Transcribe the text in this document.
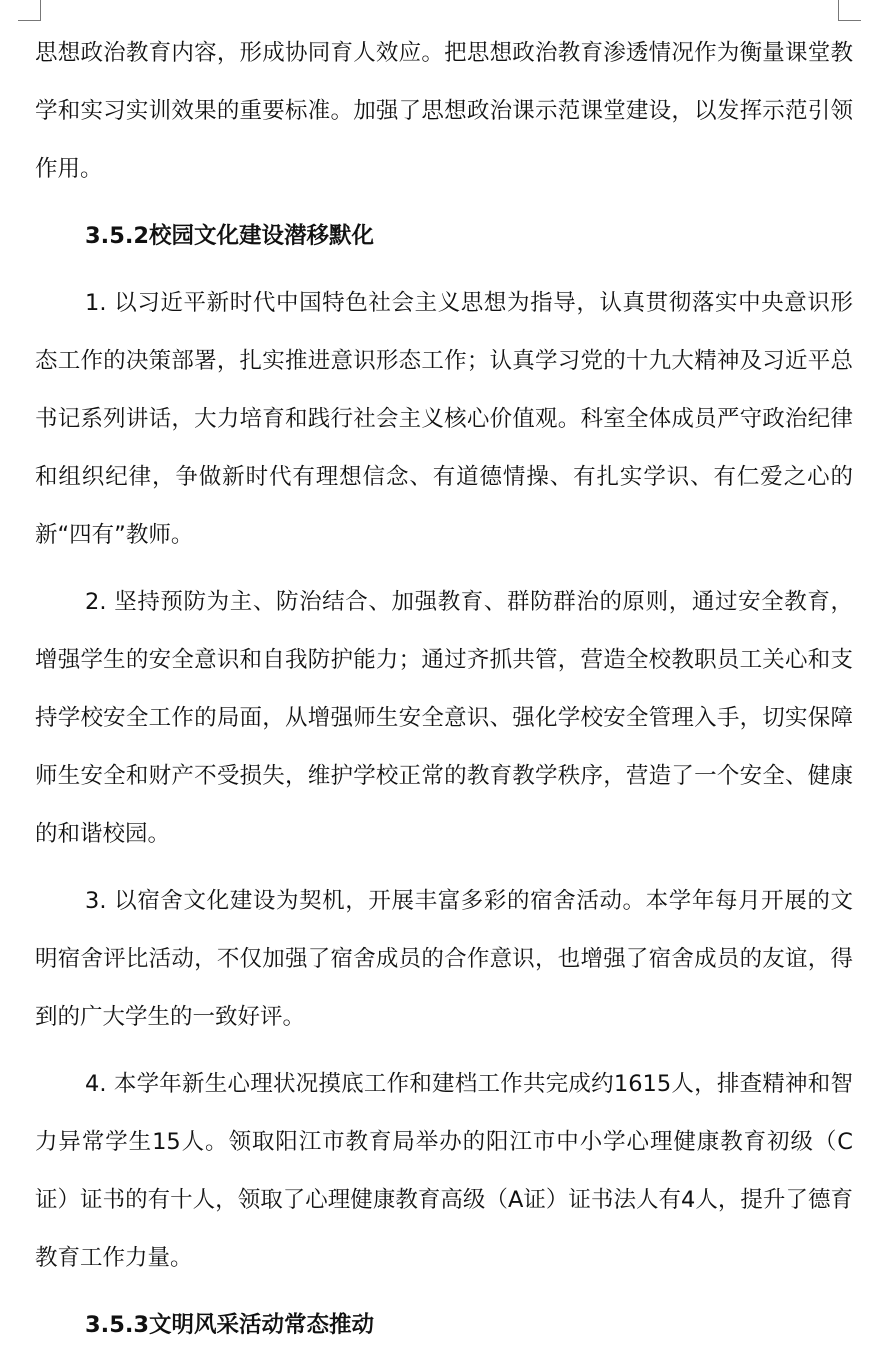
思想政治教育内容，形成协同育人效应。把思想政治教育渗透情况作为衡量课堂教学和实习实训效果的重要标准。加强了思想政治课示范课堂建设，以发挥示范引领作用。

3.5.2校园文化建设潜移默化

1. 以习近平新时代中国特色社会主义思想为指导，认真贯彻落实中央意识形态工作的决策部署，扎实推进意识形态工作；认真学习党的十九大精神及习近平总书记系列讲话，大力培育和践行社会主义核心价值观。科室全体成员严守政治纪律和组织纪律，争做新时代有理想信念、有道德情操、有扎实学识、有仁爱之心的新“四有”教师。

2. 坚持预防为主、防治结合、加强教育、群防群治的原则，通过安全教育，增强学生的安全意识和自我防护能力；通过齐抓共管，营造全校教职员工关心和支持学校安全工作的局面，从增强师生安全意识、强化学校安全管理入手，切实保障师生安全和财产不受损失，维护学校正常的教育教学秩序，营造了一个安全、健康的和谐校园。

3. 以宿舍文化建设为契机，开展丰富多彩的宿舍活动。本学年每月开展的文明宿舍评比活动，不仅加强了宿舍成员的合作意识，也增强了宿舍成员的友谊，得到的广大学生的一致好评。

4. 本学年新生心理状况摸底工作和建档工作共完成约1615人，排查精神和智力异常学生15人。领取阳江市教育局举办的阳江市中小学心理健康教育初级（C证）证书的有十人，领取了心理健康教育高级（A证）证书法人有4人，提升了德育教育工作力量。

3.5.3文明风采活动常态推动
